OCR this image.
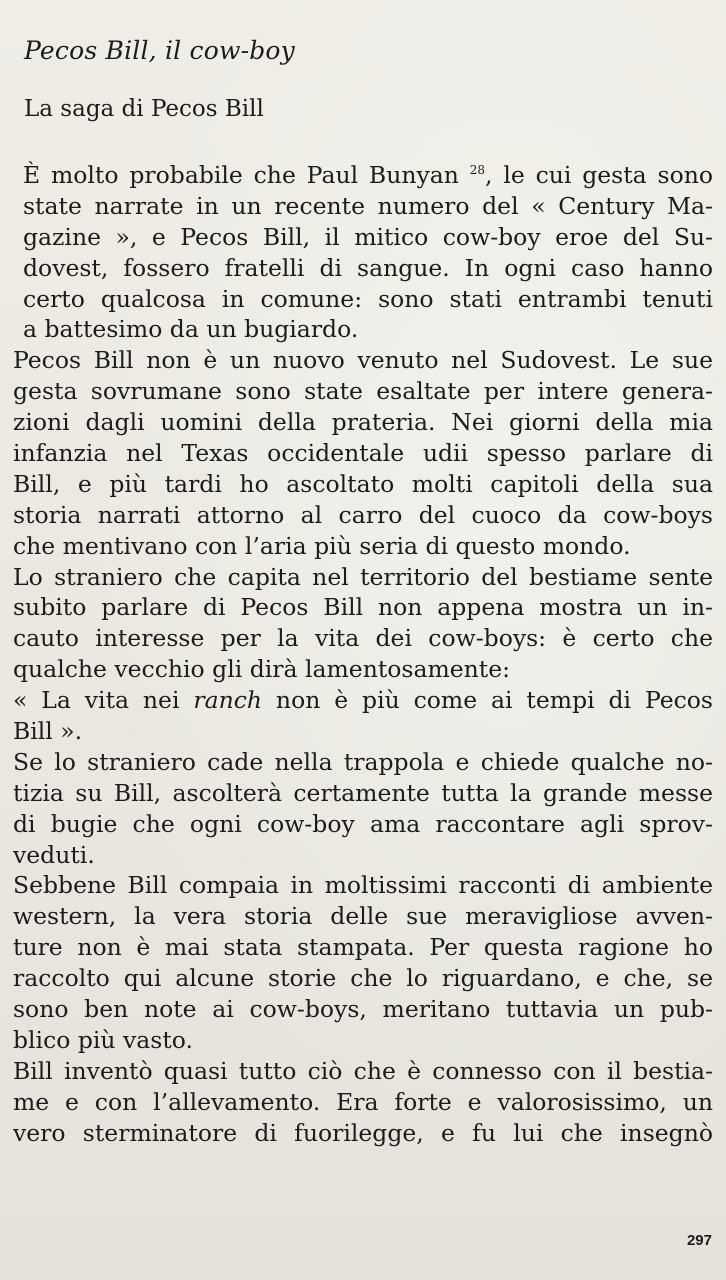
Pecos Bill, il cow-boy
La saga di Pecos Bill
È molto probabile che Paul Bunyan $^{28}$, le cui gesta sono
state narrate in un recente numero del « Century Ma-
gazine », e Pecos Bill, il mitico cow-boy eroe del Su-
dovest, fossero fratelli di sangue. In ogni caso hanno
certo qualcosa in comune: sono stati entrambi tenuti
a battesimo da un bugiardo.
Pecos Bill non è un nuovo venuto nel Sudovest. Le sue
gesta sovrumane sono state esaltate per intere genera-
zioni dagli uomini della prateria. Nei giorni della mia
infanzia nel Texas occidentale udii spesso parlare di
Bill, e più tardi ho ascoltato molti capitoli della sua
storia narrati attorno al carro del cuoco da cow-boys
che mentivano con l’aria più seria di questo mondo.
Lo straniero che capita nel territorio del bestiame sente
subito parlare di Pecos Bill non appena mostra un in-
cauto interesse per la vita dei cow-boys: è certo che
qualche vecchio gli dirà lamentosamente:
« La vita nei ranch non è più come ai tempi di Pecos
Bill ».
Se lo straniero cade nella trappola e chiede qualche no-
tizia su Bill, ascolterà certamente tutta la grande messe
di bugie che ogni cow-boy ama raccontare agli sprov-
veduti.
Sebbene Bill compaia in moltissimi racconti di ambiente
western, la vera storia delle sue meravigliose avven-
ture non è mai stata stampata. Per questa ragione ho
raccolto qui alcune storie che lo riguardano, e che, se
sono ben note ai cow-boys, meritano tuttavia un pub-
blico più vasto.
Bill inventò quasi tutto ciò che è connesso con il bestia-
me e con l’allevamento. Era forte e valorosissimo, un
vero sterminatore di fuorilegge, e fu lui che insegnò
297
